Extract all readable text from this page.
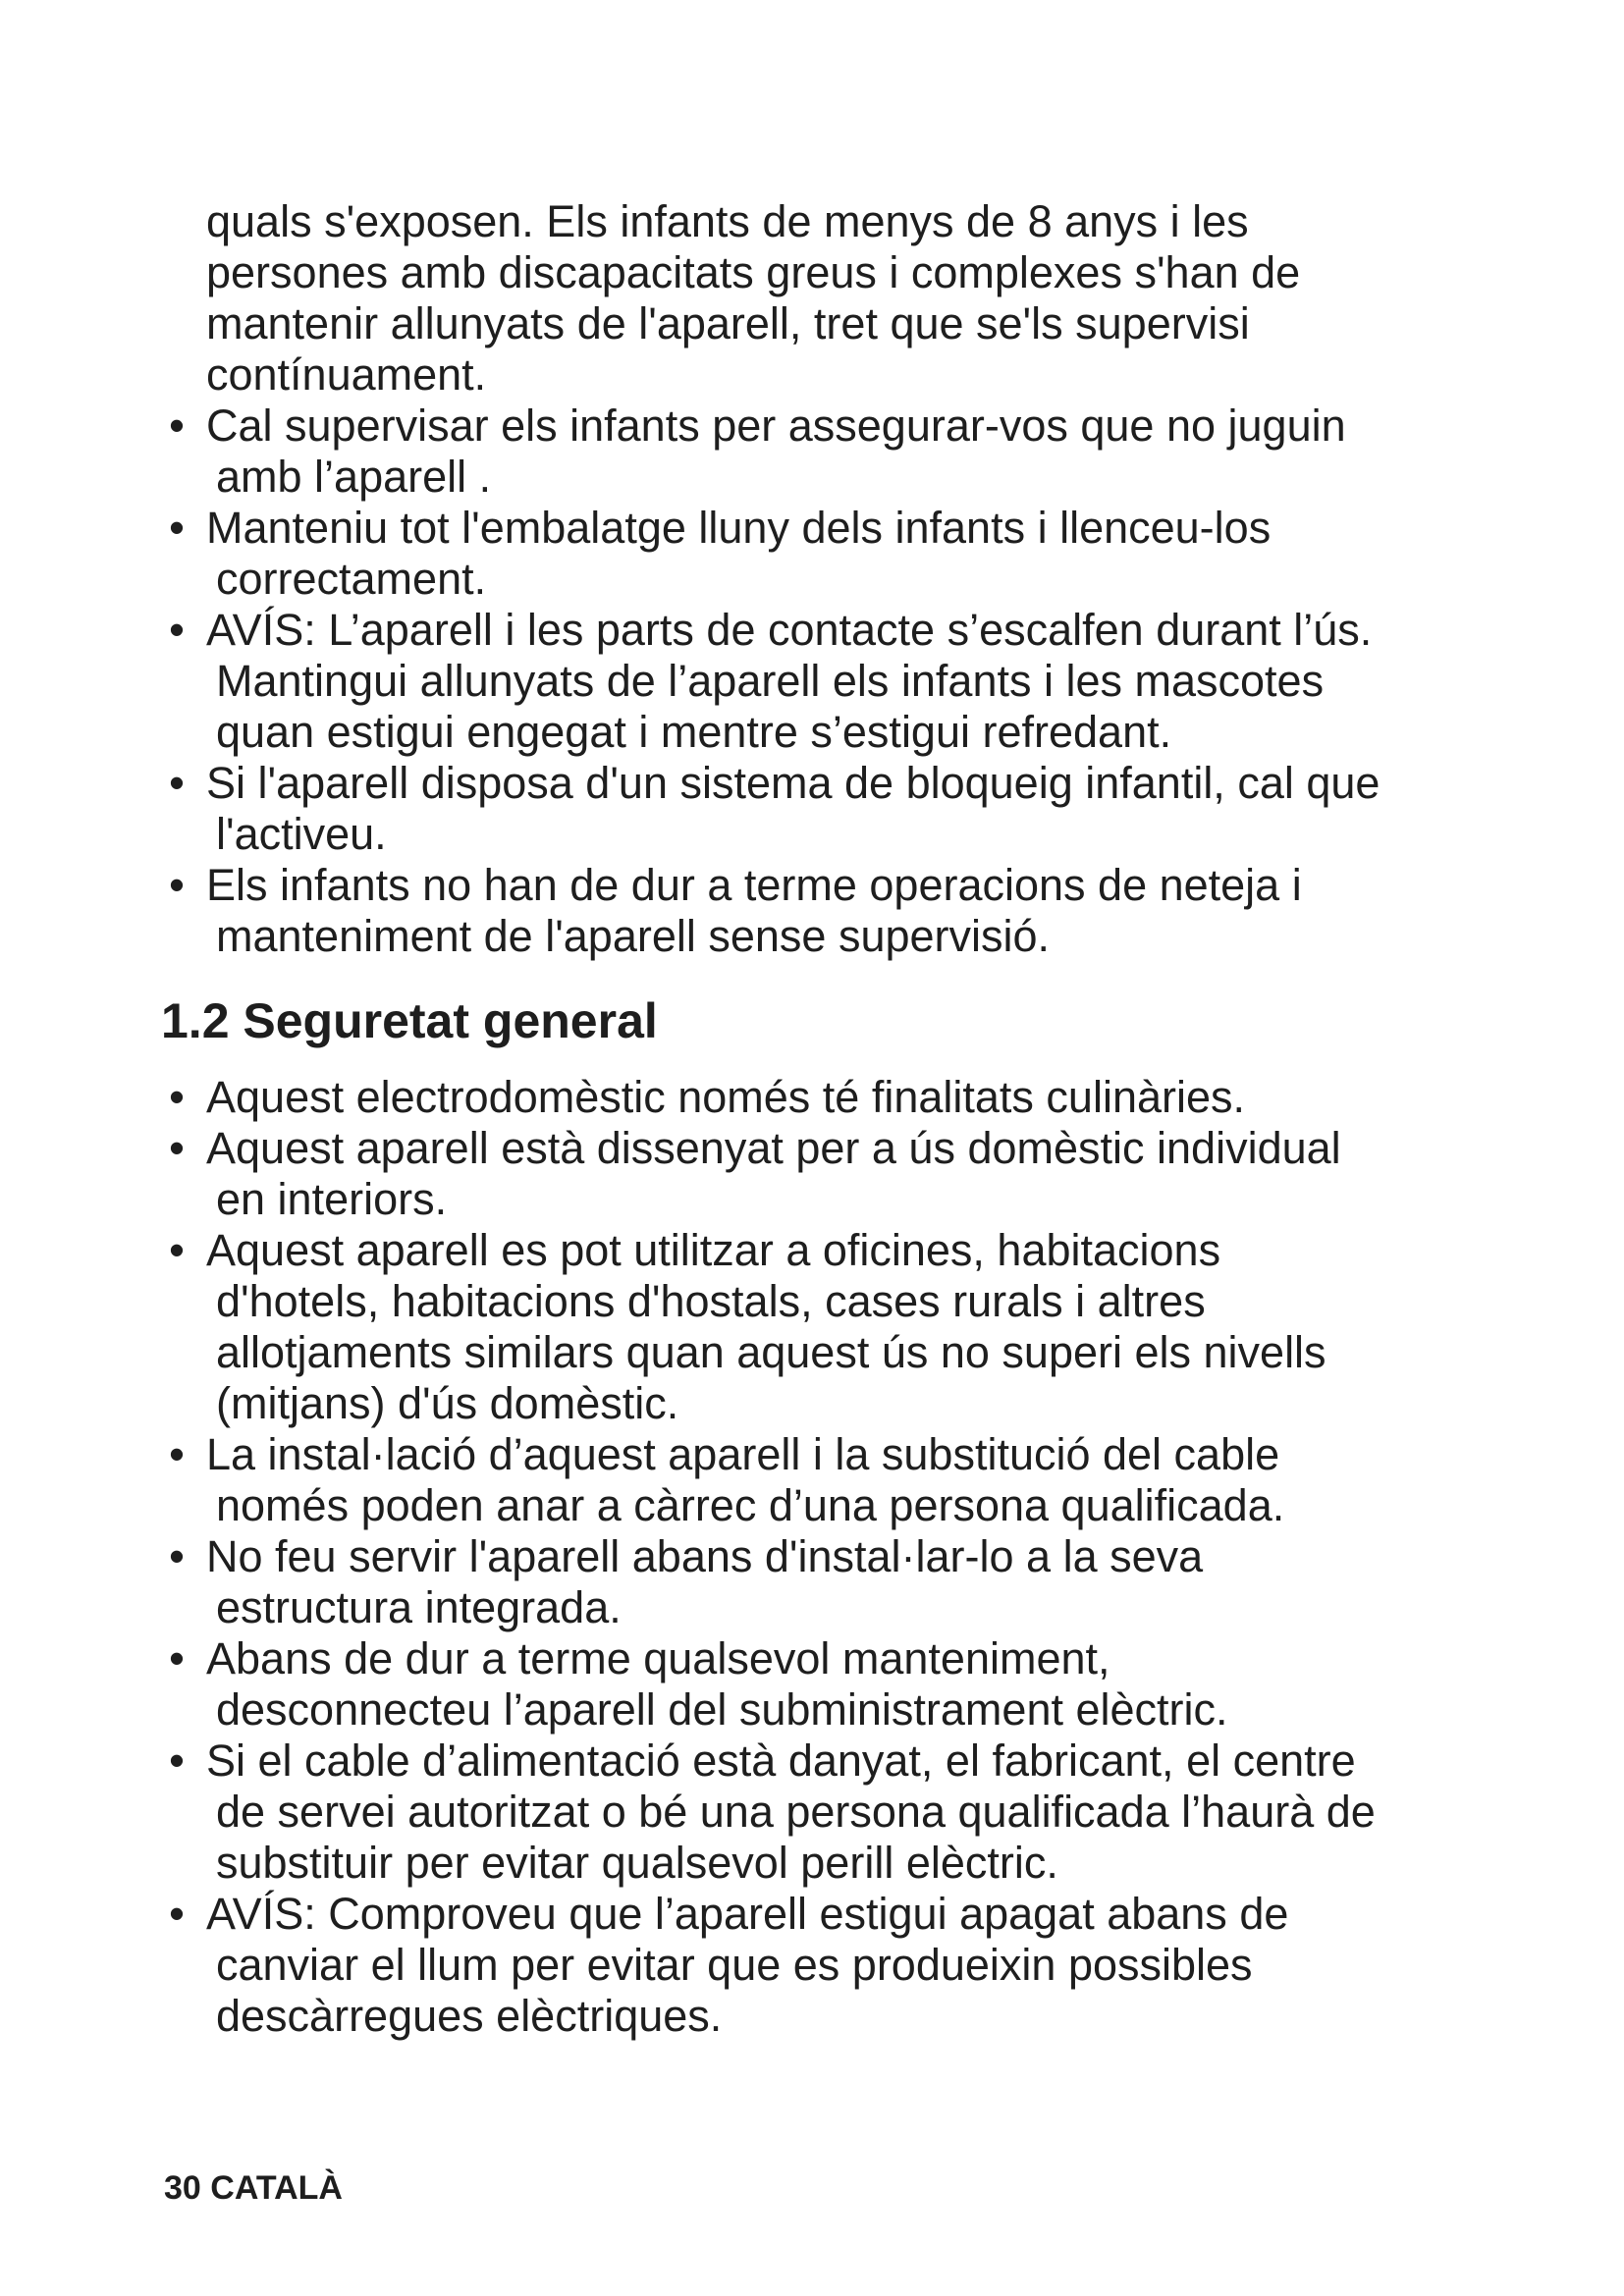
quals s'exposen. Els infants de menys de 8 anys i les
persones amb discapacitats greus i complexes s'han de
mantenir allunyats de l'aparell, tret que se'ls supervisi
contínuament.
• Cal supervisar els infants per assegurar-vos que no juguin
amb l’aparell .
• Manteniu tot l'embalatge lluny dels infants i llenceu-los
correctament.
• AVÍS: L’aparell i les parts de contacte s’escalfen durant l’ús.
Mantingui allunyats de l’aparell els infants i les mascotes
quan estigui engegat i mentre s’estigui refredant.
• Si l'aparell disposa d'un sistema de bloqueig infantil, cal que
l'activeu.
• Els infants no han de dur a terme operacions de neteja i
manteniment de l'aparell sense supervisió.
1.2 Seguretat general
• Aquest electrodomèstic només té finalitats culinàries.
• Aquest aparell està dissenyat per a ús domèstic individual
en interiors.
• Aquest aparell es pot utilitzar a oficines, habitacions
d'hotels, habitacions d'hostals, cases rurals i altres
allotjaments similars quan aquest ús no superi els nivells
(mitjans) d'ús domèstic.
• La instal·lació d’aquest aparell i la substitució del cable
només poden anar a càrrec d’una persona qualificada.
• No feu servir l'aparell abans d'instal·lar-lo a la seva
estructura integrada.
• Abans de dur a terme qualsevol manteniment,
desconnecteu l’aparell del subministrament elèctric.
• Si el cable d’alimentació està danyat, el fabricant, el centre
de servei autoritzat o bé una persona qualificada l’haurà de
substituir per evitar qualsevol perill elèctric.
• AVÍS: Comproveu que l’aparell estigui apagat abans de
canviar el llum per evitar que es produeixin possibles
descàrregues elèctriques.
30 CATALÀ
